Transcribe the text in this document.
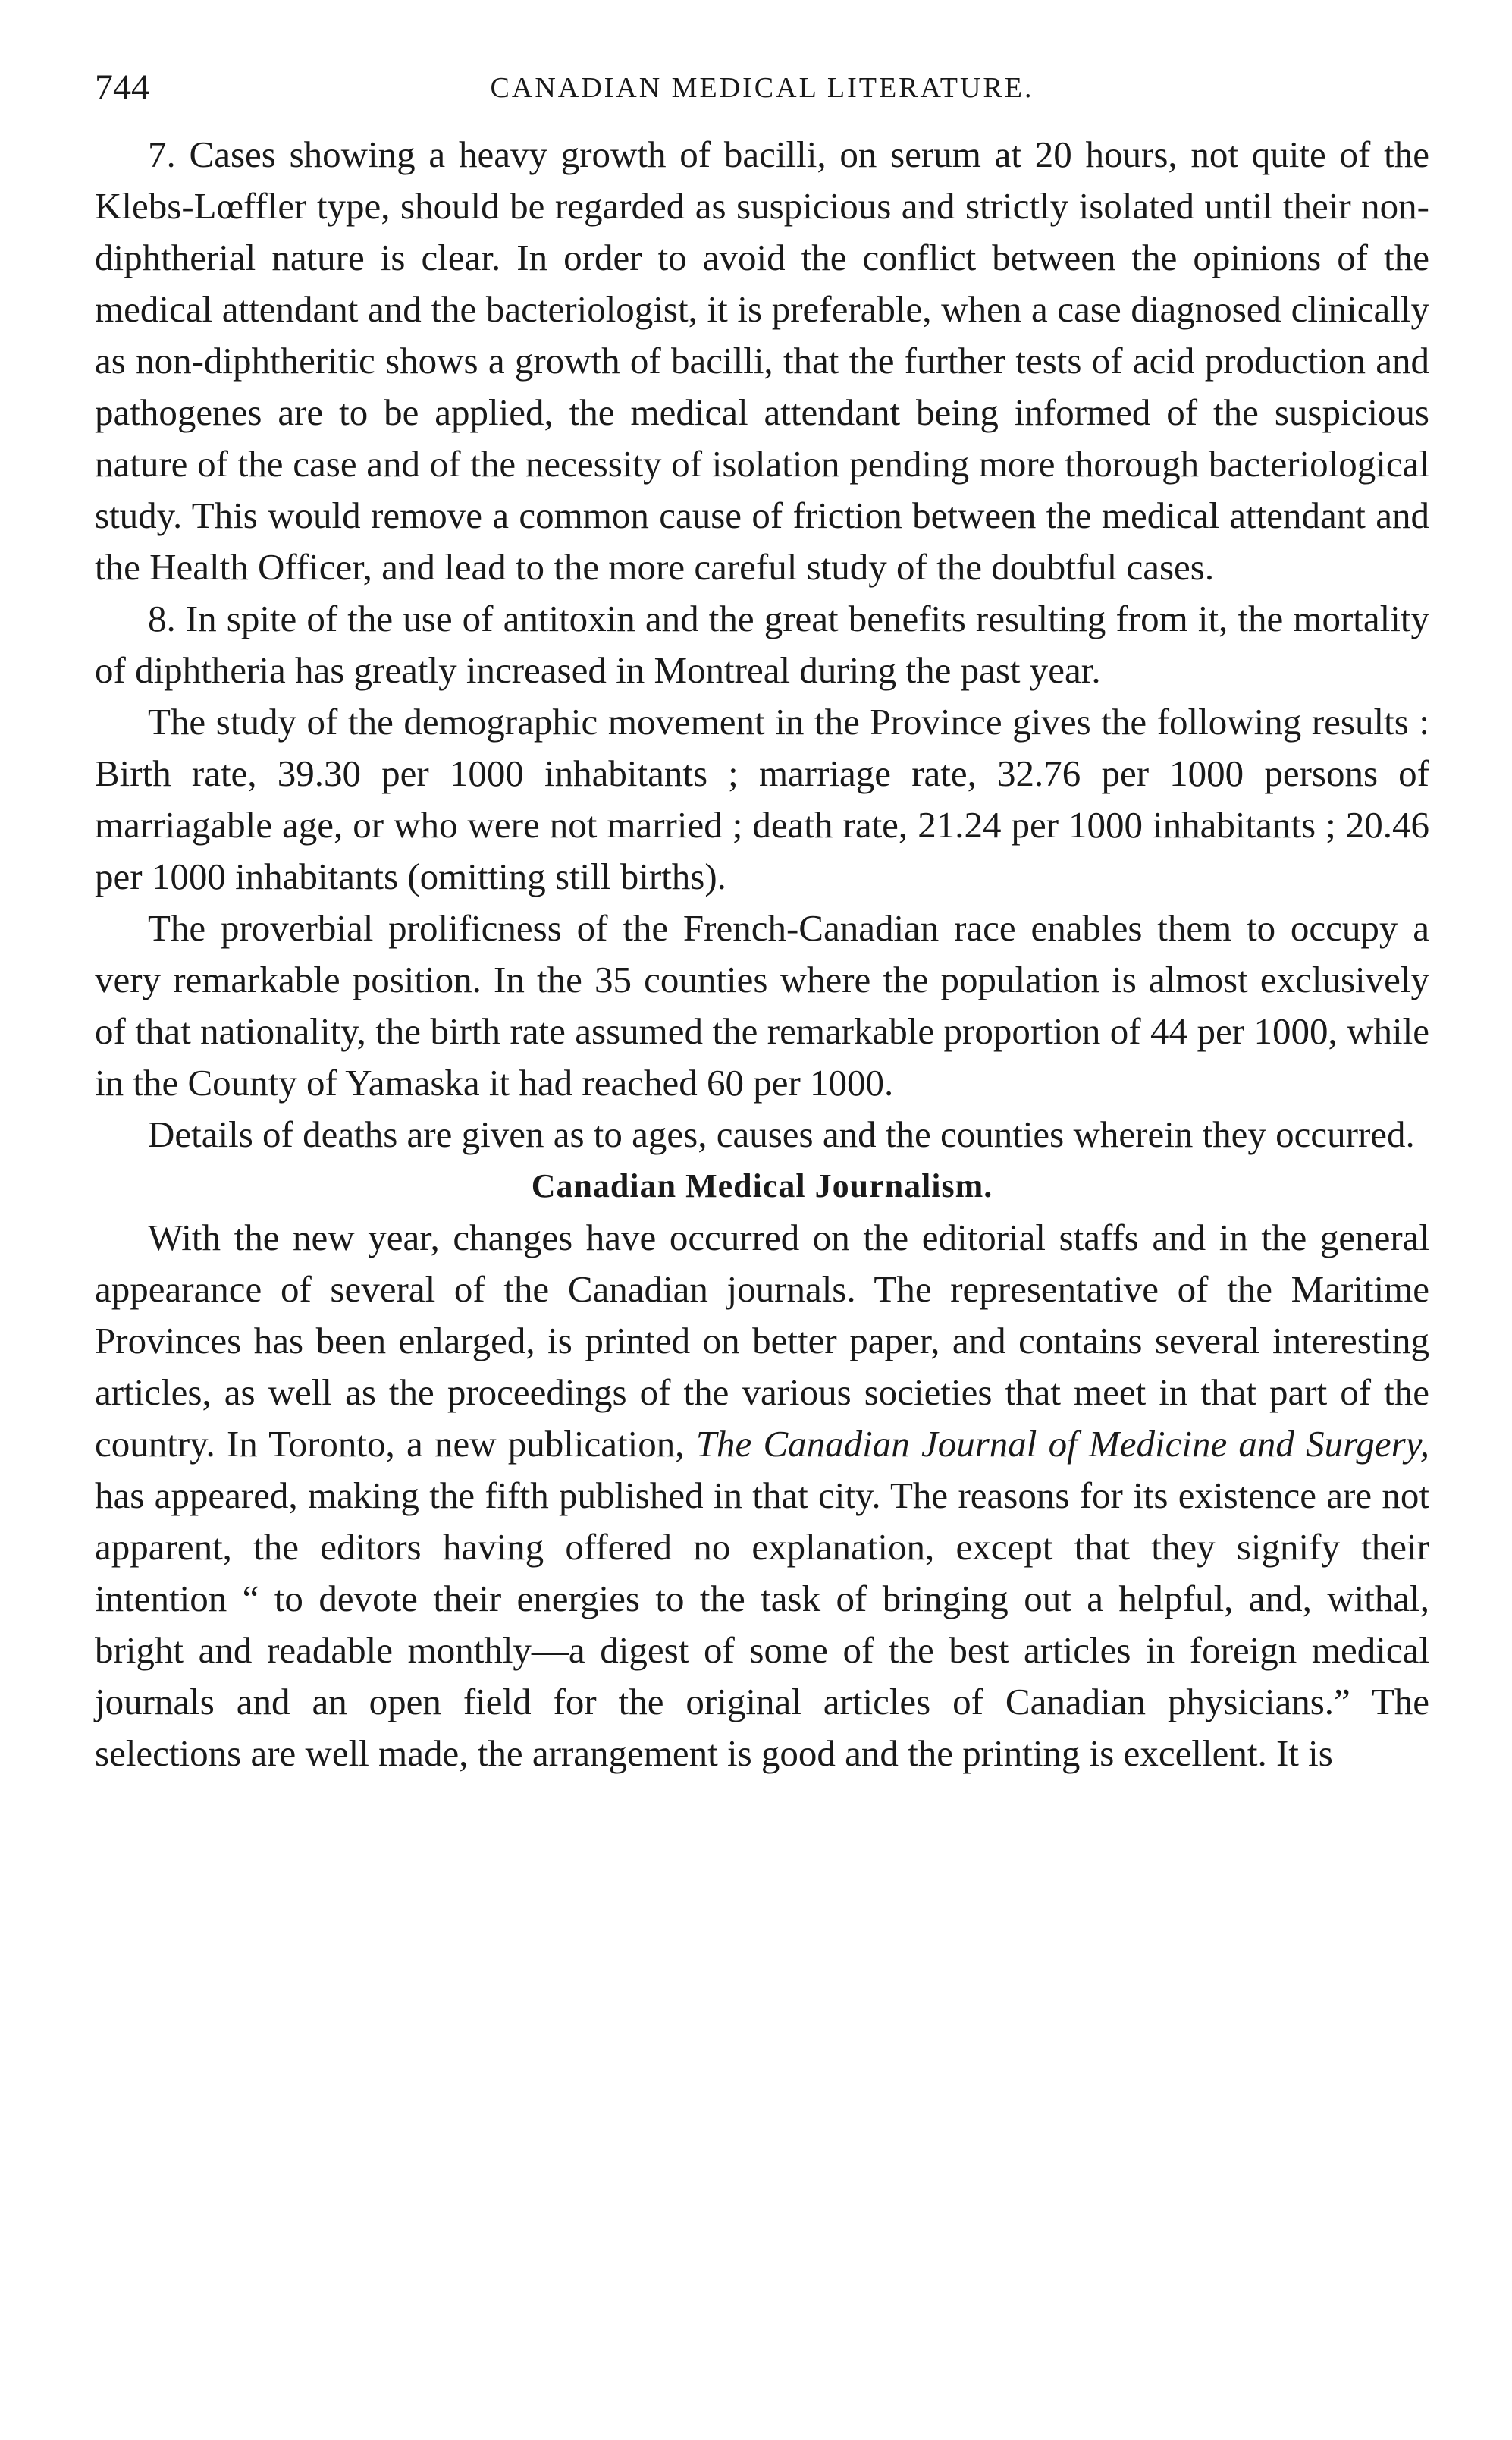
744	CANADIAN MEDICAL LITERATURE.

7. Cases showing a heavy growth of bacilli, on serum at 20 hours, not quite of the Klebs-Lœffler type, should be regarded as suspicious and strictly isolated until their non-diphtherial nature is clear. In order to avoid the conflict between the opinions of the medical attendant and the bacteriologist, it is preferable, when a case diagnosed clinically as non-diphtheritic shows a growth of bacilli, that the further tests of acid production and pathogenes are to be applied, the medical attendant being informed of the suspicious nature of the case and of the necessity of isolation pending more thorough bacteriological study. This would remove a common cause of friction between the medical attendant and the Health Officer, and lead to the more careful study of the doubtful cases.

8. In spite of the use of antitoxin and the great benefits resulting from it, the mortality of diphtheria has greatly increased in Montreal during the past year.

The study of the demographic movement in the Province gives the following results : Birth rate, 39.30 per 1000 inhabitants ; marriage rate, 32.76 per 1000 persons of marriagable age, or who were not married ; death rate, 21.24 per 1000 inhabitants ; 20.46 per 1000 inhabitants (omitting still births).

The proverbial prolificness of the French-Canadian race enables them to occupy a very remarkable position. In the 35 counties where the population is almost exclusively of that nationality, the birth rate assumed the remarkable proportion of 44 per 1000, while in the County of Yamaska it had reached 60 per 1000.

Details of deaths are given as to ages, causes and the counties wherein they occurred.

Canadian Medical Journalism.

With the new year, changes have occurred on the editorial staffs and in the general appearance of several of the Canadian journals. The representative of the Maritime Provinces has been enlarged, is printed on better paper, and contains several interesting articles, as well as the proceedings of the various societies that meet in that part of the country. In Toronto, a new publication, The Canadian Journal of Medicine and Surgery, has appeared, making the fifth published in that city. The reasons for its existence are not apparent, the editors having offered no explanation, except that they signify their intention “ to devote their energies to the task of bringing out a helpful, and, withal, bright and readable monthly—a digest of some of the best articles in foreign medical journals and an open field for the original articles of Canadian physicians.” The selections are well made, the arrangement is good and the printing is excellent. It is
